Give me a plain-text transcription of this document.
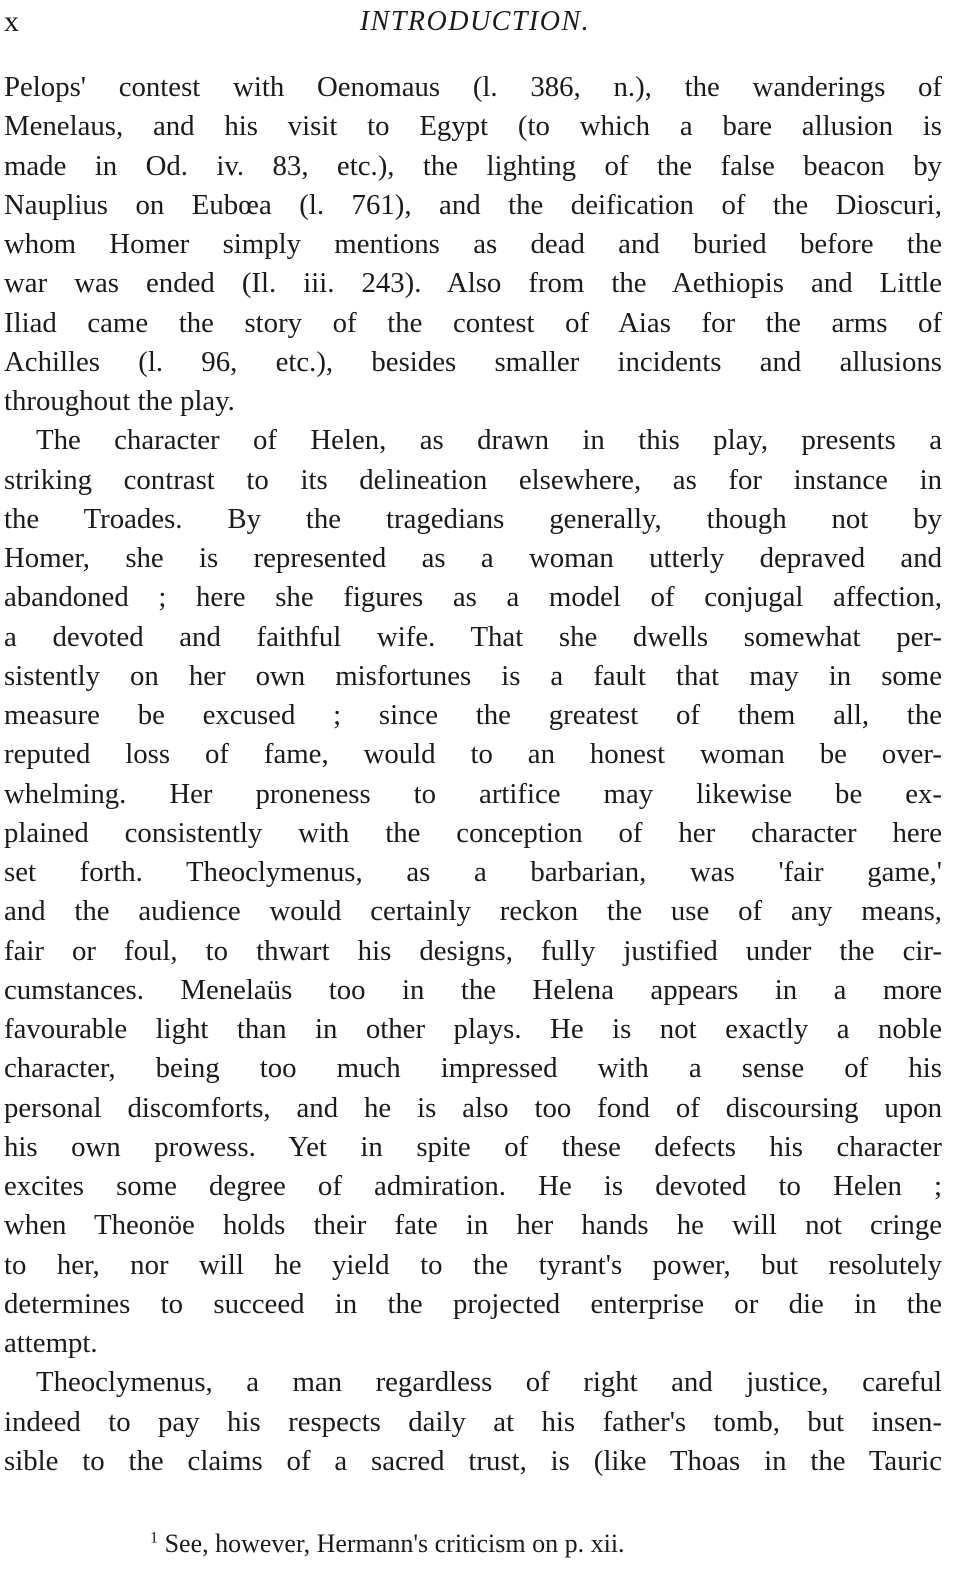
x	INTRODUCTION.

Pelops' contest with Oenomaus (l. 386, n.), the wanderings of
Menelaus, and his visit to Egypt (to which a bare allusion is
made in Od. iv. 83, etc.), the lighting of the false beacon by
Nauplius on Eubœa (l. 761), and the deification of the Dioscuri,
whom Homer simply mentions as dead and buried before the
war was ended (Il. iii. 243). Also from the Aethiopis and Little
Iliad came the story of the contest of Aias for the arms of
Achilles (l. 96, etc.), besides smaller incidents and allusions
throughout the play.

The character of Helen, as drawn in this play, presents a
striking contrast to its delineation elsewhere, as for instance in
the Troades. By the tragedians generally, though not by
Homer, she is represented as a woman utterly depraved and
abandoned ; here she figures as a model of conjugal affection,
a devoted and faithful wife. That she dwells somewhat per-
sistently on her own misfortunes is a fault that may in some
measure be excused ; since the greatest of them all, the
reputed loss of fame, would to an honest woman be over-
whelming. Her proneness to artifice may likewise be ex-
plained consistently with the conception of her character here
set forth. Theoclymenus, as a barbarian, was 'fair game,'
and the audience would certainly reckon the use of any means,
fair or foul, to thwart his designs, fully justified under the cir-
cumstances. Menelaüs too in the Helena appears in a more
favourable light than in other plays. He is not exactly a noble
character, being too much impressed with a sense of his
personal discomforts, and he is also too fond of discoursing upon
his own prowess. Yet in spite of these defects his character
excites some degree of admiration. He is devoted to Helen ;
when Theonöe holds their fate in her hands he will not cringe
to her, nor will he yield to the tyrant's power, but resolutely
determines to succeed in the projected enterprise or die in the
attempt.

Theoclymenus, a man regardless of right and justice, careful
indeed to pay his respects daily at his father's tomb, but insen-
sible to the claims of a sacred trust, is (like Thoas in the Tauric

$^1$ See, however, Hermann's criticism on p. xii.
